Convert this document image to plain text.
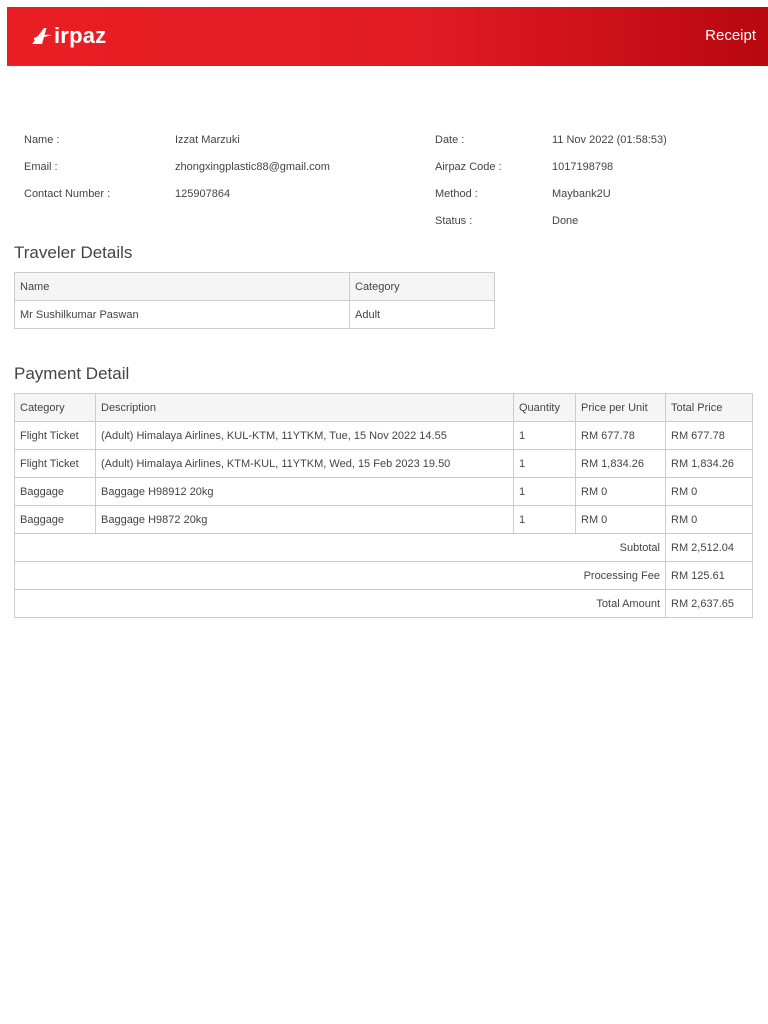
irpaz	Receipt
Name :	Izzat Marzuki
Email :	zhongxingplastic88@gmail.com
Contact Number :	125907864
Date :	11 Nov 2022 (01:58:53)
Airpaz Code :	1017198798
Method :	Maybank2U
Status :	Done
Traveler Details
Name	Category
Mr Sushilkumar Paswan	Adult
Payment Detail
Category	Description	Quantity	Price per Unit	Total Price
Flight Ticket	(Adult) Himalaya Airlines, KUL-KTM, 11YTKM, Tue, 15 Nov 2022 14.55	1	RM 677.78	RM 677.78
Flight Ticket	(Adult) Himalaya Airlines, KTM-KUL, 11YTKM, Wed, 15 Feb 2023 19.50	1	RM 1,834.26	RM 1,834.26
Baggage	Baggage H98912 20kg	1	RM 0	RM 0
Baggage	Baggage H9872 20kg	1	RM 0	RM 0
Subtotal				RM 2,512.04
Processing Fee				RM 125.61
Total Amount				RM 2,637.65
